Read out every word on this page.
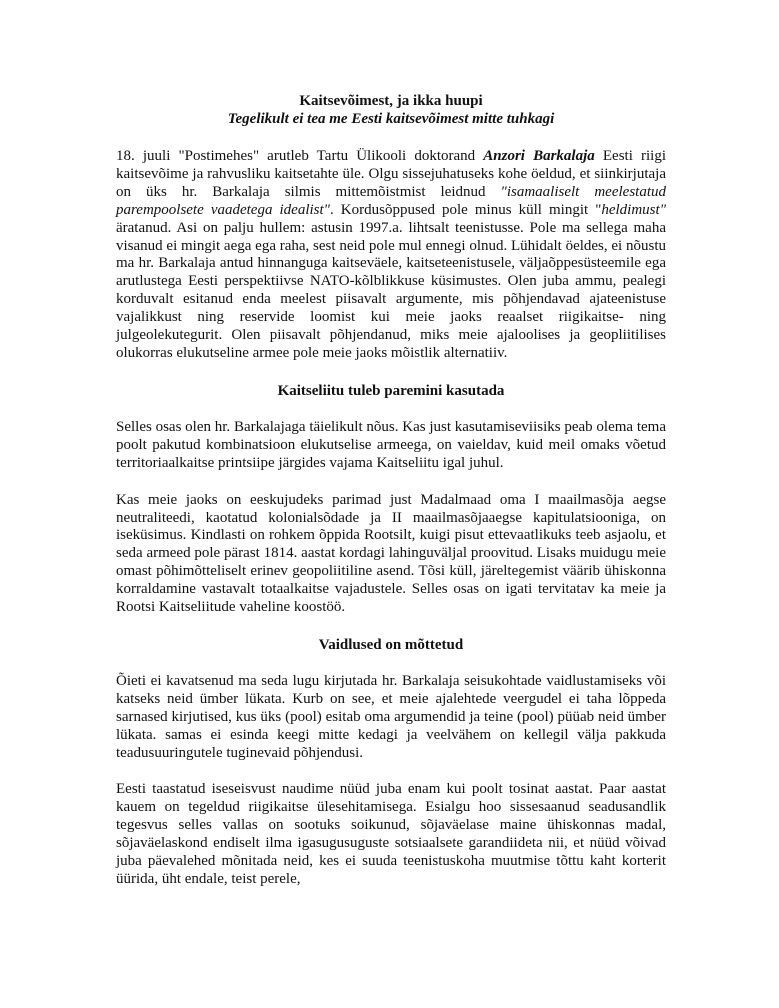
Kaitsevõimest, ja ikka huupi

Tegelikult ei tea me Eesti kaitsevõimest mitte tuhkagi

18. juuli "Postimehes" arutleb Tartu Ülikooli doktorand Anzori Barkalaja Eesti riigi kaitsevõime ja rahvusliku kaitsetahte üle. Olgu sissejuhatuseks kohe öeldud, et siinkirjutaja on üks hr. Barkalaja silmis mittemõistmist leidnud "isamaaliselt meelestatud parempoolsete vaadetega idealist". Kordusõppused pole minus küll mingit "heldimust" äratanud. Asi on palju hullem: astusin 1997.a. lihtsalt teenistusse. Pole ma sellega maha visanud ei mingit aega ega raha, sest neid pole mul ennegi olnud. Lühidalt öeldes, ei nõustu ma hr. Barkalaja antud hinnanguga kaitseväele, kaitseteenistusele, väljaõppesüsteemile ega arutlustega Eesti perspektiivse NATO-kõlblikkuse küsimustes. Olen juba ammu, pealegi korduvalt esitanud enda meelest piisavalt argumente, mis põhjendavad ajateenistuse vajalikkust ning reservide loomist kui meie jaoks reaalset riigikaitse- ning julgeolekutegurit. Olen piisavalt põhjendanud, miks meie ajaloolises ja geopliitilises olukorras elukutseline armee pole meie jaoks mõistlik alternatiiv.

Kaitseliitu tuleb paremini kasutada

Selles osas olen hr. Barkalajaga täielikult nõus. Kas just kasutamiseviisiks peab olema tema poolt pakutud kombinatsioon elukutselise armeega, on vaieldav, kuid meil omaks võetud territoriaalkaitse printsiipe järgides vajama Kaitseliitu igal juhul.

Kas meie jaoks on eeskujudeks parimad just Madalmaad oma I maailmasõja aegse neutraliteedi, kaotatud kolonialsõdade ja II maailmasõjaaegse kapitulatsiooniga, on iseküsimus. Kindlasti on rohkem õppida Rootsilt, kuigi pisut ettevaatlikuks teeb asjaolu, et seda armeed pole pärast 1814. aastat kordagi lahinguväljal proovitud. Lisaks muidugu meie omast põhimõtteliselt erinev geopoliitiline asend. Tõsi küll, järeltegemist väärib ühiskonna korraldamine vastavalt totaalkaitse vajadustele. Selles osas on igati tervitatav ka meie ja Rootsi Kaitseliitude vaheline koostöö.

Vaidlused on mõttetud

Õieti ei kavatsenud ma seda lugu kirjutada hr. Barkalaja seisukohtade vaidlustamiseks või katseks neid ümber lükata. Kurb on see, et meie ajalehtede veergudel ei taha lõppeda sarnased kirjutised, kus üks (pool) esitab oma argumendid ja teine (pool) püüab neid ümber lükata. samas ei esinda keegi mitte kedagi ja veelvähem on kellegil välja pakkuda teadusuuringutele tuginevaid põhjendusi.

Eesti taastatud iseseisvust naudime nüüd juba enam kui poolt tosinat aastat. Paar aastat kauem on tegeldud riigikaitse ülesehitamisega. Esialgu hoo sissesaanud seadusandlik tegesvus selles vallas on sootuks soikunud, sõjaväelase maine ühiskonnas madal, sõjaväelaskond endiselt ilma igasugusuguste sotsiaalsete garandiideta nii, et nüüd võivad juba päevalehed mõnitada neid, kes ei suuda teenistuskoha muutmise tõttu kaht korterit üürida, üht endale, teist perele,
